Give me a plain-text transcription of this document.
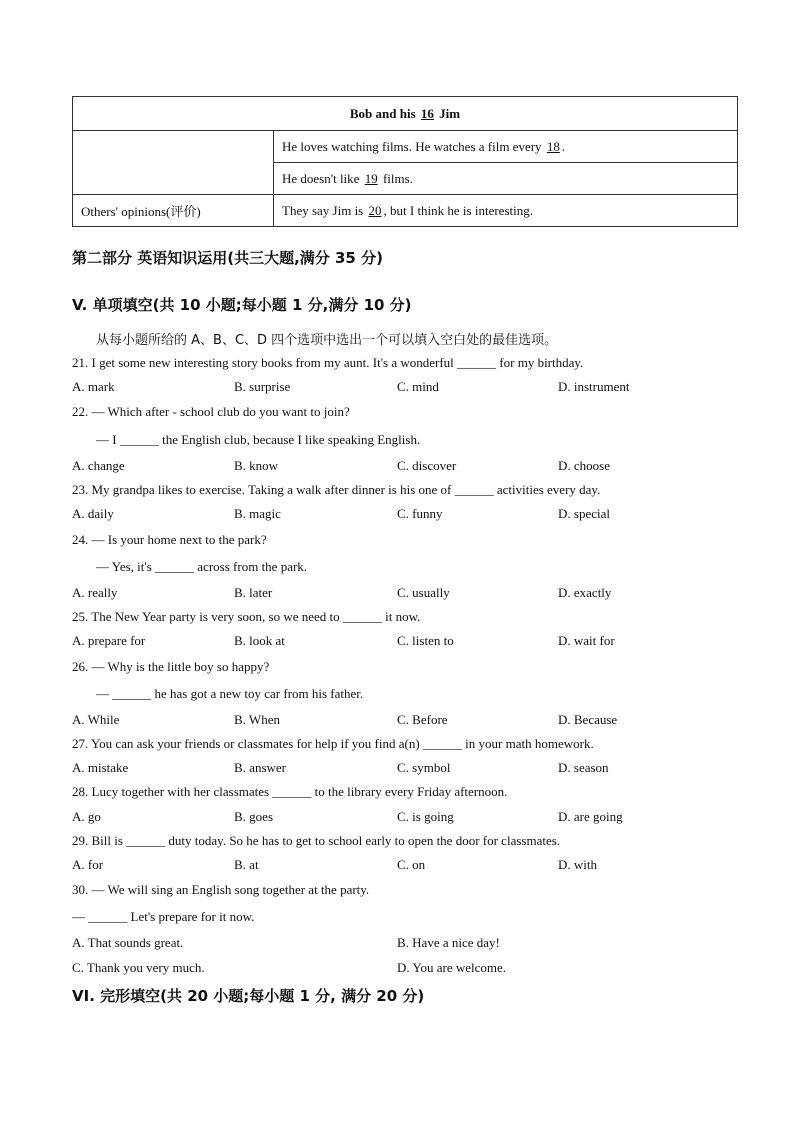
Bob and his 16 Jim	
	He loves watching films. He watches a film every 18 .
	He doesn't like 19 films.
Others' opinions(评价)	They say Jim is 20 , but I think he is interesting.
第二部分 英语知识运用(共三大题,满分 35 分)
V. 单项填空(共 10 小题;每小题 1 分,满分 10 分)
从每小题所给的 A、B、C、D 四个选项中选出一个可以填入空白处的最佳选项。
21. I get some new interesting story books from my aunt. It's a wonderful ______ for my birthday.
A. mark	B. surprise	C. mind	D. instrument
22. — Which after - school club do you want to join?
— I ______ the English club, because I like speaking English.
A. change	B. know	C. discover	D. choose
23. My grandpa likes to exercise. Taking a walk after dinner is his one of ______ activities every day.
A. daily	B. magic	C. funny	D. special
24. — Is your home next to the park?
— Yes, it's ______ across from the park.
A. really	B. later	C. usually	D. exactly
25. The New Year party is very soon, so we need to ______ it now.
A. prepare for	B. look at	C. listen to	D. wait for
26. — Why is the little boy so happy?
— ______ he has got a new toy car from his father.
A. While	B. When	C. Before	D. Because
27. You can ask your friends or classmates for help if you find a(n) ______ in your math homework.
A. mistake	B. answer	C. symbol	D. season
28. Lucy together with her classmates ______ to the library every Friday afternoon.
A. go	B. goes	C. is going	D. are going
29. Bill is ______ duty today. So he has to get to school early to open the door for classmates.
A. for	B. at	C. on	D. with
30. — We will sing an English song together at the party.
— ______ Let's prepare for it now.
A. That sounds great.	B. Have a nice day!
C. Thank you very much.	D. You are welcome.
VI. 完形填空(共 20 小题;每小题 1 分, 满分 20 分)
